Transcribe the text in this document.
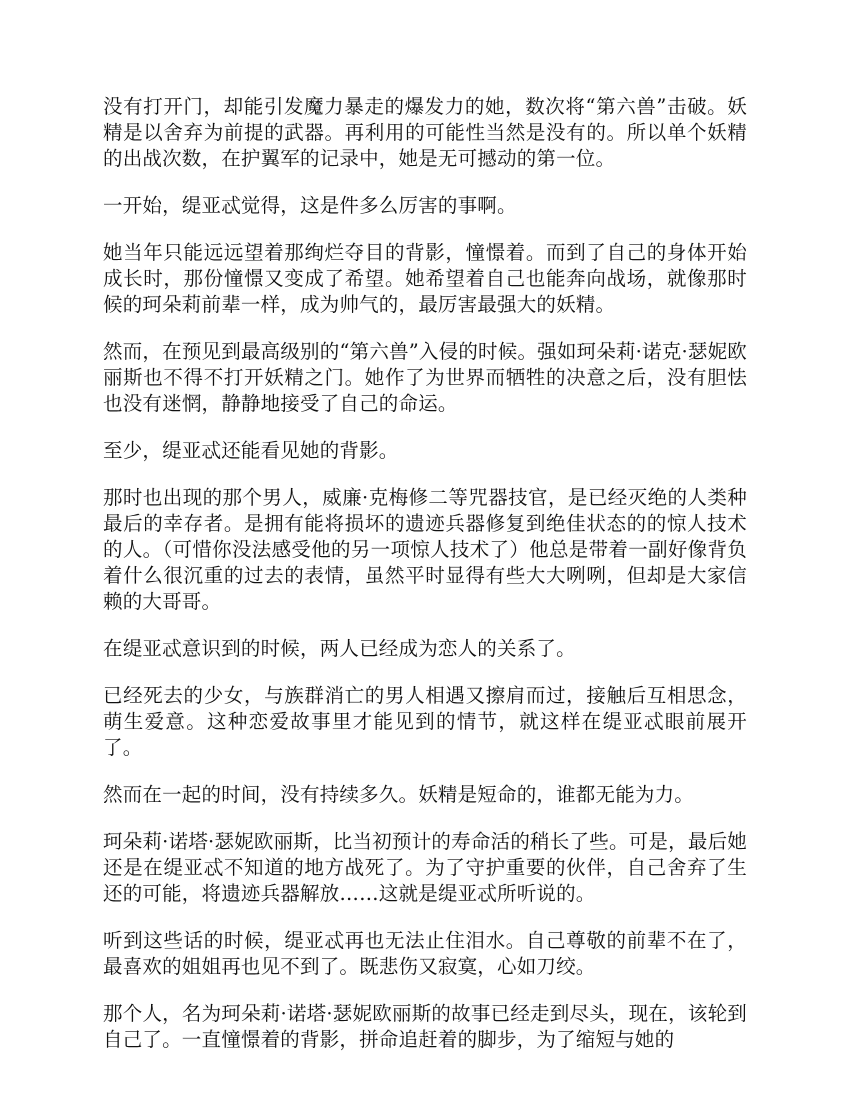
没有打开门，却能引发魔力暴走的爆发力的她，数次将“第六兽”击破。妖精是以舍弃为前提的武器。再利用的可能性当然是没有的。所以单个妖精的出战次数，在护翼军的记录中，她是无可撼动的第一位。

一开始，缇亚忒觉得，这是件多么厉害的事啊。

她当年只能远远望着那绚烂夺目的背影，憧憬着。而到了自己的身体开始成长时，那份憧憬又变成了希望。她希望着自己也能奔向战场，就像那时候的珂朵莉前辈一样，成为帅气的，最厉害最强大的妖精。

然而，在预见到最高级别的“第六兽”入侵的时候。强如珂朵莉·诺克·瑟妮欧丽斯也不得不打开妖精之门。她作了为世界而牺牲的决意之后，没有胆怯也没有迷惘，静静地接受了自己的命运。

至少，缇亚忒还能看见她的背影。

那时也出现的那个男人，威廉·克梅修二等咒器技官，是已经灭绝的人类种最后的幸存者。是拥有能将损坏的遗迹兵器修复到绝佳状态的的惊人技术的人。（可惜你没法感受他的另一项惊人技术了）他总是带着一副好像背负着什么很沉重的过去的表情，虽然平时显得有些大大咧咧，但却是大家信赖的大哥哥。

在缇亚忒意识到的时候，两人已经成为恋人的关系了。

已经死去的少女，与族群消亡的男人相遇又擦肩而过，接触后互相思念，萌生爱意。这种恋爱故事里才能见到的情节，就这样在缇亚忒眼前展开了。

然而在一起的时间，没有持续多久。妖精是短命的，谁都无能为力。

珂朵莉·诺塔·瑟妮欧丽斯，比当初预计的寿命活的稍长了些。可是，最后她还是在缇亚忒不知道的地方战死了。为了守护重要的伙伴，自己舍弃了生还的可能，将遗迹兵器解放……这就是缇亚忒所听说的。

听到这些话的时候，缇亚忒再也无法止住泪水。自己尊敬的前辈不在了，最喜欢的姐姐再也见不到了。既悲伤又寂寞，心如刀绞。

那个人，名为珂朵莉·诺塔·瑟妮欧丽斯的故事已经走到尽头，现在，该轮到自己了。一直憧憬着的背影，拼命追赶着的脚步，为了缩短与她的
